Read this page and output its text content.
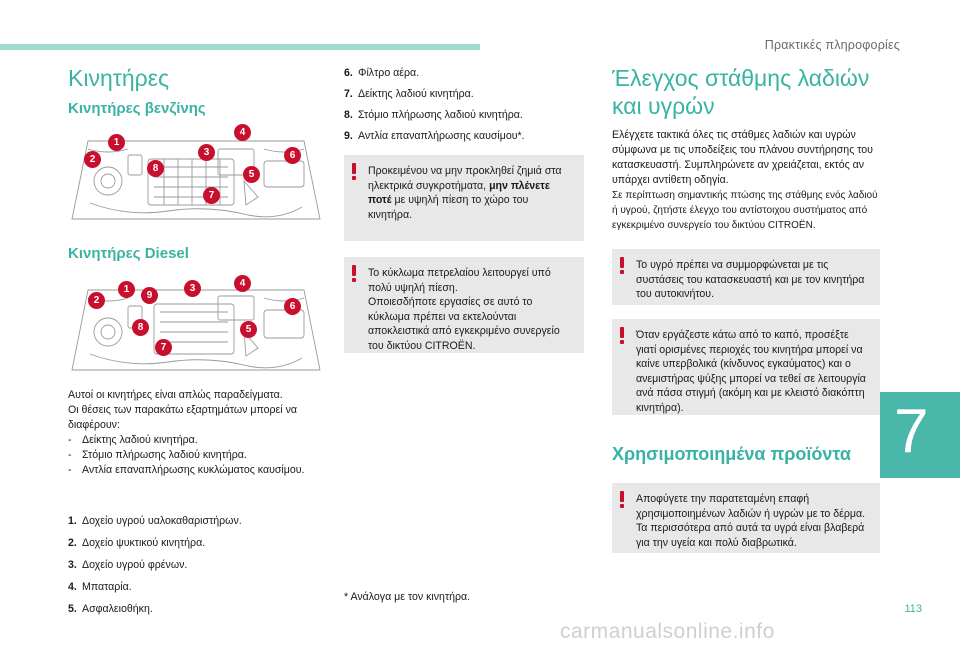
Πρακτικές πληροφορίες
Κινητήρες
Κινητήρες βενζίνης
1
2
3
4
5
6
7
8
Κινητήρες Diesel
1
2
3	4
5
6
7
8
9
Αυτοί οι κινητήρες είναι απλώς παραδείγματα.
Οι θέσεις των παρακάτω εξαρτημάτων μπορεί να
διαφέρουν:
- Δείκτης λαδιού κινητήρα.
- Στόμιο πλήρωσης λαδιού κινητήρα.
- Αντλία επαναπλήρωσης κυκλώματος καυσίμου.
1. Δοχείο υγρού υαλοκαθαριστήρων.
2. Δοχείο ψυκτικού κινητήρα.
3. Δοχείο υγρού φρένων.
4. Μπαταρία.
5. Ασφαλειοθήκη.
6. Φίλτρο αέρα.
7. Δείκτης λαδιού κινητήρα.
8. Στόμιο πλήρωσης λαδιού κινητήρα.
9. Αντλία επαναπλήρωσης καυσίμου*.
Προκειμένου να μην προκληθεί ζημιά στα ηλεκτρικά συγκροτήματα, μην πλένετε ποτέ με υψηλή πίεση το χώρο του κινητήρα.
Το κύκλωμα πετρελαίου λειτουργεί υπό πολύ υψηλή πίεση.
Οποιεσδήποτε εργασίες σε αυτό το κύκλωμα πρέπει να εκτελούνται αποκλειστικά από εγκεκριμένο συνεργείο του δικτύου CITROËN.
* Ανάλογα με τον κινητήρα.
Έλεγχος στάθμης λαδιών
και υγρών
Ελέγχετε τακτικά όλες τις στάθμες λαδιών και υγρών σύμφωνα με τις υποδείξεις του πλάνου συντήρησης του κατασκευαστή. Συμπληρώνετε αν χρειάζεται, εκτός αν υπάρχει αντίθετη οδηγία.
Σε περίπτωση σημαντικής πτώσης της στάθμης ενός λαδιού ή υγρού, ζητήστε έλεγχο του αντίστοιχου συστήματος από εγκεκριμένο συνεργείο του δικτύου CITROËN.
Το υγρό πρέπει να συμμορφώνεται με τις συστάσεις του κατασκευαστή και με τον κινητήρα του αυτοκινήτου.
Όταν εργάζεστε κάτω από το καπό, προσέξτε γιατί ορισμένες περιοχές του κινητήρα μπορεί να καίνε υπερβολικά (κίνδυνος εγκαύματος) και ο ανεμιστήρας ψύξης μπορεί να τεθεί σε λειτουργία ανά πάσα στιγμή (ακόμη και με κλειστό διακόπτη κινητήρα).
Χρησιμοποιημένα προϊόντα
Αποφύγετε την παρατεταμένη επαφή χρησιμοποιημένων λαδιών ή υγρών με το δέρμα. Τα περισσότερα από αυτά τα υγρά είναι βλαβερά για την υγεία και πολύ διαβρωτικά.
7
113
carmanualsonline.info
